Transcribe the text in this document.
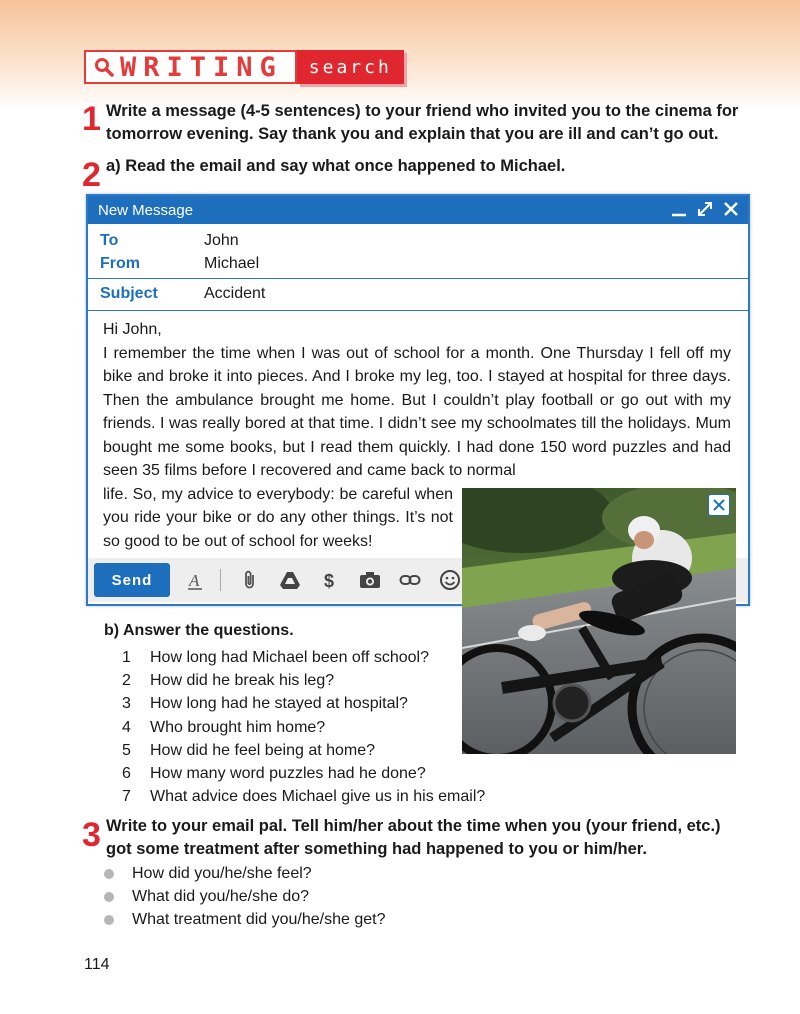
WRITING	search
1 Write a message (4-5 sentences) to your friend who invited you to the cinema for

tomorrow evening. Say thank you and explain that you are ill and can’t go out.

2 a) Read the email and say what once happened to Michael.
New Message
To	John
From	Michael
Subject	Accident

Hi John,

I remember the time when I was out of school for a month. One Thursday I fell off my bike and broke it into pieces. And I broke my leg, too. I stayed at hospital for three days. Then the ambulance brought me home. But I couldn’t play football or go out with my friends. I was really bored at that time. I didn’t see my schoolmates till the holidays. Mum bought me some books, but I read them quickly. I had done 150 word puzzles and had seen 35 films before I recovered and came back to normal

life. So, my advice to everybody: be careful when you ride your bike or do any other things. It’s not so good to be out of school for weeks!

Send	A	$
b) Answer the questions.
1	How long had Michael been off school?
2	How did he break his leg?
3	How long had he stayed at hospital?
4	Who brought him home?
5	How did he feel being at home?
6	How many word puzzles had he done?
7	What advice does Michael give us in his email?
3 Write to your email pal. Tell him/her about the time when you (your friend, etc.)

got some treatment after something had happened to you or him/her.

How did you/he/she feel?
What did you/he/she do?
What treatment did you/he/she get?
114
